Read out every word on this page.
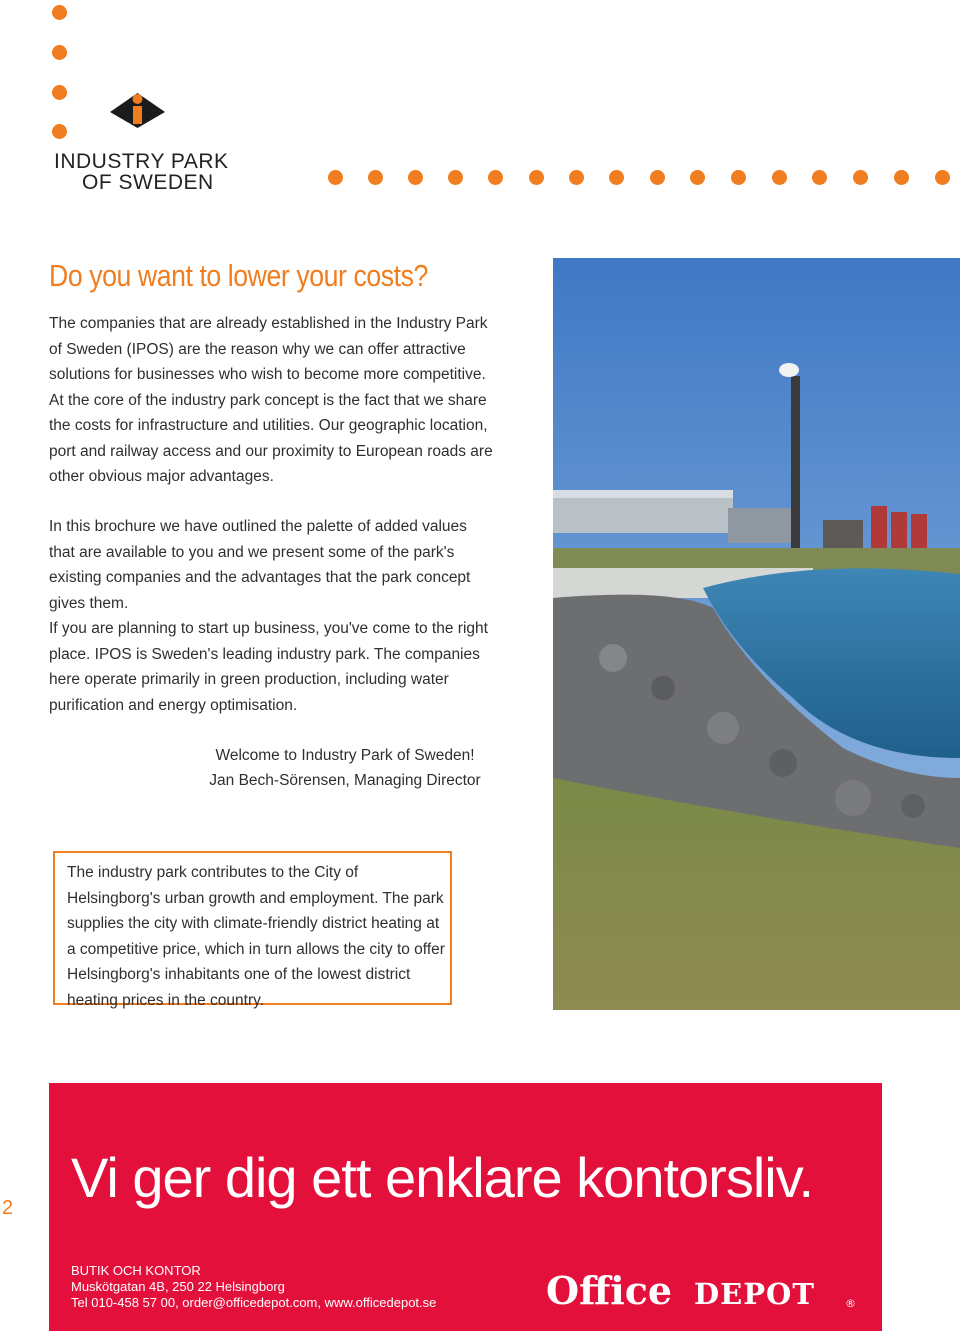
INDUSTRY PARK
OF SWEDEN
Do you want to lower your costs?

The companies that are already established in the Industry Park of Sweden (IPOS) are the reason why we can offer attractive solutions for businesses who wish to become more competitive. At the core of the industry park concept is the fact that we share the costs for infrastructure and utilities. Our geographic location, port and railway access and our proximity to European roads are other obvious major advantages.

In this brochure we have outlined the palette of added values that are available to you and we present some of the park's existing companies and the advantages that the park concept gives them.

If you are planning to start up business, you've come to the right place. IPOS is Sweden's leading industry park. The companies here operate primarily in green production, including water purification and energy optimisation.

Welcome to Industry Park of Sweden!

Jan Bech-Sörensen, Managing Director

The industry park contributes to the City of Helsingborg's urban growth and employment. The park supplies the city with climate-friendly district heating at a competitive price, which in turn allows the city to offer Helsingborg's inhabitants one of the lowest district heating prices in the country.

Vi ger dig ett enklare kontorsliv.
BUTIK OCH KONTOR
Muskötgatan 4B, 250 22 Helsingborg
Tel 010-458 57 00, order@officedepot.com, www.officedepot.se	Office DEPOT	®
2
